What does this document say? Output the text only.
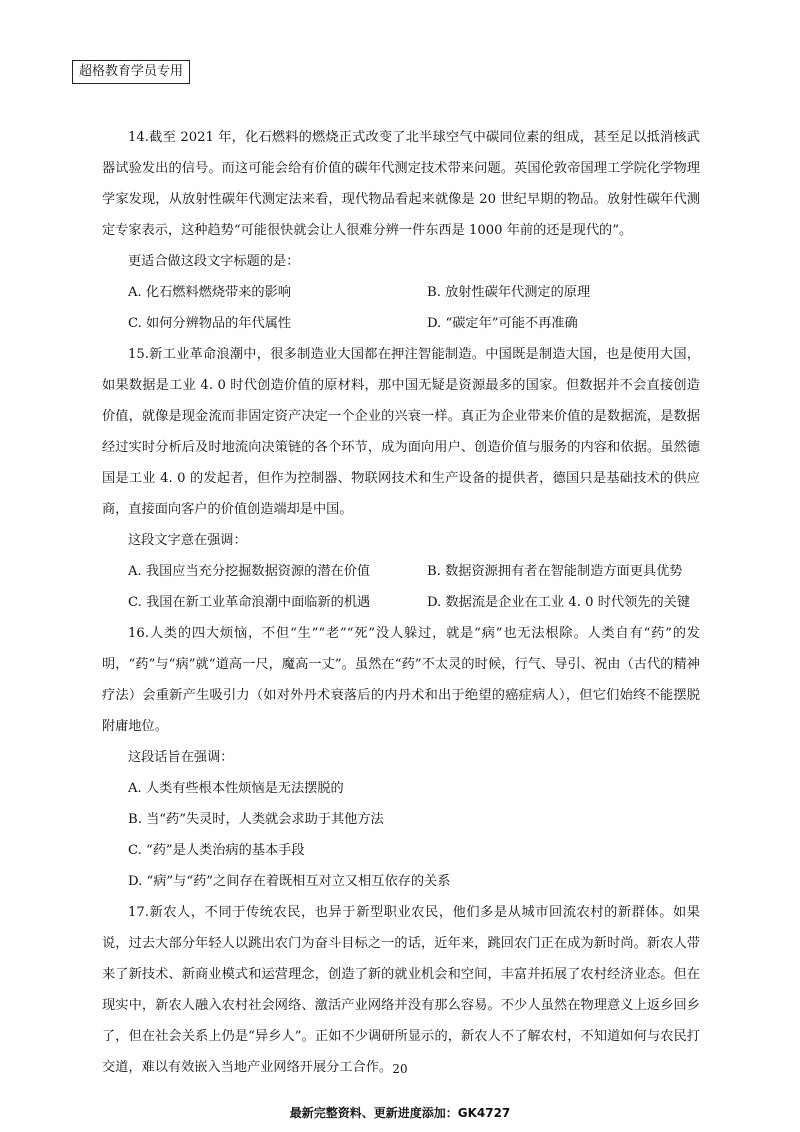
超格教育学员专用

14.截至 2021 年，化石燃料的燃烧正式改变了北半球空气中碳同位素的组成，甚至足以抵消核武器试验发出的信号。而这可能会给有价值的碳年代测定技术带来问题。英国伦敦帝国理工学院化学物理学家发现，从放射性碳年代测定法来看，现代物品看起来就像是 20 世纪早期的物品。放射性碳年代测定专家表示，这种趋势“可能很快就会让人很难分辨一件东西是 1000 年前的还是现代的”。

更适合做这段文字标题的是：

A. 化石燃料燃烧带来的影响	B. 放射性碳年代测定的原理
C. 如何分辨物品的年代属性	D. “碳定年”可能不再准确

15.新工业革命浪潮中，很多制造业大国都在押注智能制造。中国既是制造大国，也是使用大国，如果数据是工业 4. 0 时代创造价值的原材料，那中国无疑是资源最多的国家。但数据并不会直接创造价值，就像是现金流而非固定资产决定一个企业的兴衰一样。真正为企业带来价值的是数据流，是数据经过实时分析后及时地流向决策链的各个环节，成为面向用户、创造价值与服务的内容和依据。虽然德国是工业 4. 0 的发起者，但作为控制器、物联网技术和生产设备的提供者，德国只是基础技术的供应商，直接面向客户的价值创造端却是中国。

这段文字意在强调：

A. 我国应当充分挖掘数据资源的潜在价值	B. 数据资源拥有者在智能制造方面更具优势
C. 我国在新工业革命浪潮中面临新的机遇	D. 数据流是企业在工业 4. 0 时代领先的关键

16.人类的四大烦恼，不但“生”“老”“死”没人躲过，就是“病”也无法根除。人类自有“药”的发明，“药”与“病”就“道高一尺，魔高一丈”。虽然在“药”不太灵的时候，行气、导引、祝由（古代的精神疗法）会重新产生吸引力（如对外丹术衰落后的内丹术和出于绝望的癌症病人），但它们始终不能摆脱附庸地位。

这段话旨在强调：

A. 人类有些根本性烦恼是无法摆脱的

B. 当“药”失灵时，人类就会求助于其他方法

C. “药”是人类治病的基本手段

D. “病”与“药”之间存在着既相互对立又相互依存的关系

17.新农人，不同于传统农民，也异于新型职业农民，他们多是从城市回流农村的新群体。如果说，过去大部分年轻人以跳出农门为奋斗目标之一的话，近年来，跳回农门正在成为新时尚。新农人带来了新技术、新商业模式和运营理念，创造了新的就业机会和空间，丰富并拓展了农村经济业态。但在现实中，新农人融入农村社会网络、激活产业网络并没有那么容易。不少人虽然在物理意义上返乡回乡了，但在社会关系上仍是“异乡人”。正如不少调研所显示的，新农人不了解农村，不知道如何与农民打交道，难以有效嵌入当地产业网络开展分工合作。 20
最新完整资料、更新进度添加：GK4727
